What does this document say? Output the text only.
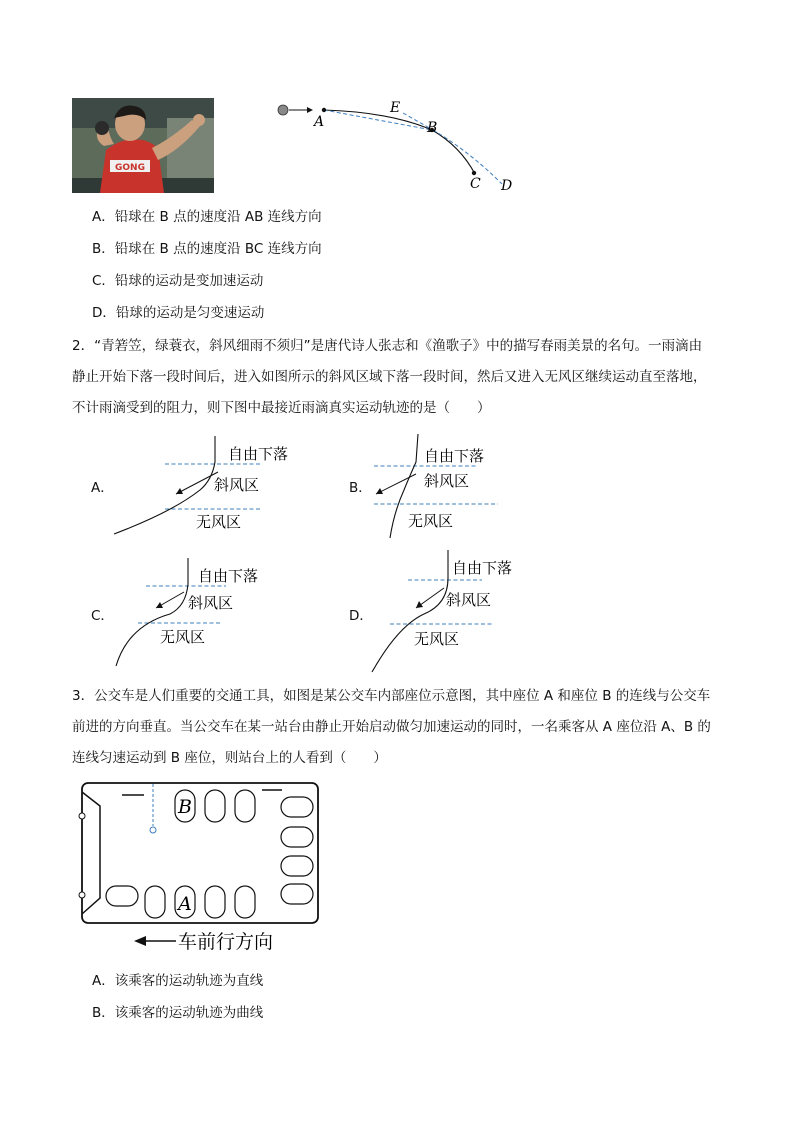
GONG
A	B
C D
E
A．铅球在 B 点的速度沿 AB 连线方向
B．铅球在 B 点的速度沿 BC 连线方向
C．铅球的运动是变加速运动
D．铅球的运动是匀变速运动
2．“青箬笠，绿蓑衣，斜风细雨不须归”是唐代诗人张志和《渔歌子》中的描写春雨美景的名句。一雨滴由
静止开始下落一段时间后，进入如图所示的斜风区域下落一段时间，然后又进入无风区继续运动直至落地，
不计雨滴受到的阻力，则下图中最接近雨滴真实运动轨迹的是（　　）
A．
自由下落
斜风区
无风区
B．
自由下落
斜风区
无风区
C．
自由下落
斜风区
无风区
D．
自由下落
斜风区
无风区
3．公交车是人们重要的交通工具，如图是某公交车内部座位示意图，其中座位 A 和座位 B 的连线与公交车
前进的方向垂直。当公交车在某一站台由静止开始启动做匀加速运动的同时，一名乘客从 A 座位沿 A、B 的
连线匀速运动到 B 座位，则站台上的人看到（　　）
B
A
车前行方向
A．该乘客的运动轨迹为直线
B．该乘客的运动轨迹为曲线
